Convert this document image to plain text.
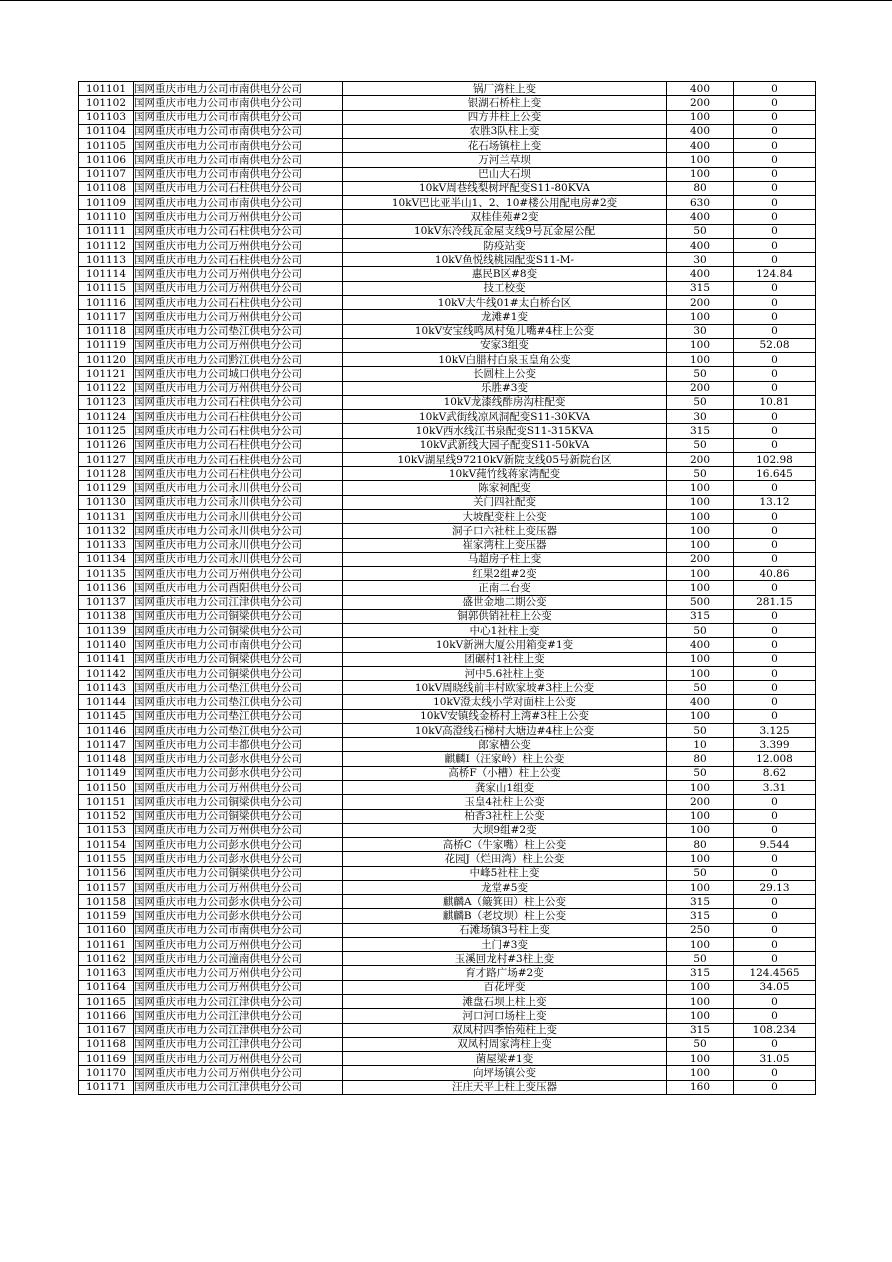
101101	国网重庆市电力公司市南供电分公司	锅厂湾柱上变	400	0
101102	国网重庆市电力公司市南供电分公司	银湖石桥柱上变	200	0
101103	国网重庆市电力公司市南供电分公司	四方井柱上公变	100	0
101104	国网重庆市电力公司市南供电分公司	农胜3队柱上变	400	0
101105	国网重庆市电力公司市南供电分公司	花石场镇柱上变	400	0
101106	国网重庆市电力公司市南供电分公司	万河兰草坝	100	0
101107	国网重庆市电力公司市南供电分公司	巴山大石坝	100	0
101108	国网重庆市电力公司石柱供电分公司	10kV周巷线梨树坪配变S11-80KVA	80	0
101109	国网重庆市电力公司市南供电分公司	10kV巴比亚半山1、2、10#楼公用配电房#2变	630	0
101110	国网重庆市电力公司万州供电分公司	双桂佳苑#2变	400	0
101111	国网重庆市电力公司石柱供电分公司	10kV东冷线瓦金屋支线9号瓦金屋公配	50	0
101112	国网重庆市电力公司万州供电分公司	防疫站变	400	0
101113	国网重庆市电力公司石柱供电分公司	10kV鱼悦线桃园配变S11-M-	30	0
101114	国网重庆市电力公司万州供电分公司	惠民B区#8变	400	124.84
101115	国网重庆市电力公司万州供电分公司	技工校变	315	0
101116	国网重庆市电力公司石柱供电分公司	10kV大牛线01#太白桥台区	200	0
101117	国网重庆市电力公司万州供电分公司	龙滩#1变	100	0
101118	国网重庆市电力公司垫江供电分公司	10kV安宝线鸣凤村兔儿嘴#4柱上公变	30	0
101119	国网重庆市电力公司万州供电分公司	安家3组变	100	52.08
101120	国网重庆市电力公司黔江供电分公司	10kV白腊村白泉玉皇角公变	100	0
101121	国网重庆市电力公司城口供电分公司	长圆柱上公变	50	0
101122	国网重庆市电力公司万州供电分公司	乐胜#3变	200	0
101123	国网重庆市电力公司石柱供电分公司	10kV龙漆线酢房沟柱配变	50	10.81
101124	国网重庆市电力公司石柱供电分公司	10kV武街线凉风洞配变S11-30KVA	30	0
101125	国网重庆市电力公司石柱供电分公司	10kV西水线江书泉配变S11-315KVA	315	0
101126	国网重庆市电力公司石柱供电分公司	10kV武新线大园子配变S11-50kVA	50	0
101127	国网重庆市电力公司石柱供电分公司	10kV湖星线97210kV新院支线05号新院台区	200	102.98
101128	国网重庆市电力公司石柱供电分公司	10kV莼竹线蒋家湾配变	50	16.645
101129	国网重庆市电力公司永川供电分公司	陈家祠配变	100	0
101130	国网重庆市电力公司永川供电分公司	关门四社配变	100	13.12
101131	国网重庆市电力公司永川供电分公司	大坡配变柱上公变	100	0
101132	国网重庆市电力公司永川供电分公司	洞子口六社柱上变压器	100	0
101133	国网重庆市电力公司永川供电分公司	崔家湾柱上变压器	100	0
101134	国网重庆市电力公司永川供电分公司	马超房子柱上变	200	0
101135	国网重庆市电力公司万州供电分公司	红果2组#2变	100	40.86
101136	国网重庆市电力公司酉阳供电分公司	正南二台变	100	0
101137	国网重庆市电力公司江津供电分公司	盛世金地二期公变	500	281.15
101138	国网重庆市电力公司铜梁供电分公司	铜郭供销社柱上公变	315	0
101139	国网重庆市电力公司铜梁供电分公司	中心1社柱上变	50	0
101140	国网重庆市电力公司市南供电分公司	10kV新洲大厦公用箱变#1变	400	0
101141	国网重庆市电力公司铜梁供电分公司	团碾村1社柱上变	100	0
101142	国网重庆市电力公司铜梁供电分公司	河中5.6社柱上变	100	0
101143	国网重庆市电力公司垫江供电分公司	10kV周晓线前丰村欧家坡#3柱上公变	50	0
101144	国网重庆市电力公司垫江供电分公司	10kV澄太线小学对面柱上公变	400	0
101145	国网重庆市电力公司垫江供电分公司	10kV安镇线金桥村上湾#3柱上公变	100	0
101146	国网重庆市电力公司垫江供电分公司	10kV高澄线石梯村大塘边#4柱上公变	50	3.125
101147	国网重庆市电力公司丰都供电分公司	郎家槽公变	10	3.399
101148	国网重庆市电力公司彭水供电分公司	麒麟I（汪家岭）柱上公变	80	12.008
101149	国网重庆市电力公司彭水供电分公司	高桥F（小槽）柱上公变	50	8.62
101150	国网重庆市电力公司万州供电分公司	龚家山1组变	100	3.31
101151	国网重庆市电力公司铜梁供电分公司	玉皇4社柱上公变	200	0
101152	国网重庆市电力公司铜梁供电分公司	柏香3社柱上公变	100	0
101153	国网重庆市电力公司万州供电分公司	大坝9组#2变	100	0
101154	国网重庆市电力公司彭水供电分公司	高桥C（牛家嘴）柱上公变	80	9.544
101155	国网重庆市电力公司彭水供电分公司	花园J（烂田湾）柱上公变	100	0
101156	国网重庆市电力公司铜梁供电分公司	中峰5社柱上变	50	0
101157	国网重庆市电力公司万州供电分公司	龙堂#5变	100	29.13
101158	国网重庆市电力公司彭水供电分公司	麒麟A（簸箕田）柱上公变	315	0
101159	国网重庆市电力公司彭水供电分公司	麒麟B（老坟坝）柱上公变	315	0
101160	国网重庆市电力公司市南供电分公司	石滩场镇3号柱上变	250	0
101161	国网重庆市电力公司万州供电分公司	土门#3变	100	0
101162	国网重庆市电力公司潼南供电分公司	玉溪回龙村#3柱上变	50	0
101163	国网重庆市电力公司万州供电分公司	育才路广场#2变	315	124.4565
101164	国网重庆市电力公司万州供电分公司	百花坪变	100	34.05
101165	国网重庆市电力公司江津供电分公司	滩盘石坝上柱上变	100	0
101166	国网重庆市电力公司江津供电分公司	河口河口场柱上变	100	0
101167	国网重庆市电力公司江津供电分公司	双凤村四季怡苑柱上变	315	108.234
101168	国网重庆市电力公司江津供电分公司	双凤村周家湾柱上变	50	0
101169	国网重庆市电力公司万州供电分公司	菌屋梁#1变	100	31.05
101170	国网重庆市电力公司万州供电分公司	向坪场镇公变	100	0
101171	国网重庆市电力公司江津供电分公司	汪庄天平上柱上变压器	160	0
